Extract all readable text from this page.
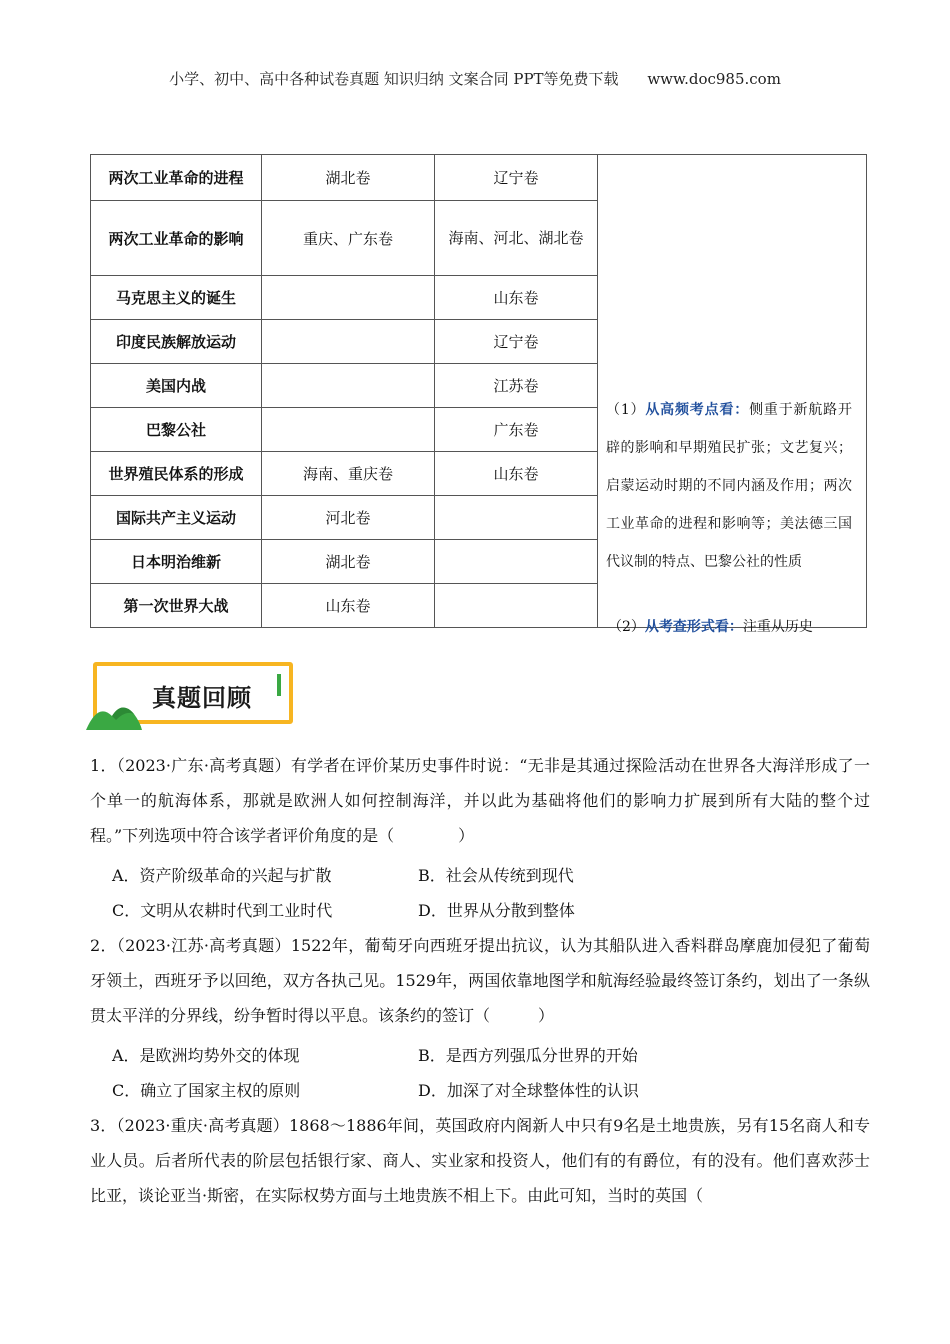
小学、初中、高中各种试卷真题 知识归纳 文案合同 PPT等免费下载 www.doc985.com
两次工业革命的进程	湖北卷	辽宁卷	（1）从高频考点看：侧重于新航路开辟的影响和早期殖民扩张；文艺复兴；启蒙运动时期的不同内涵及作用；两次工业革命的进程和影响等；美法德三国代议制的特点、巴黎公社的性质

两次工业革命的影响	重庆、广东卷	海南、河北、湖北卷	
马克思主义的诞生		山东卷	
印度民族解放运动		辽宁卷	
美国内战		江苏卷	
巴黎公社		广东卷	
世界殖民体系的形成	海南、重庆卷	山东卷	
国际共产主义运动	河北卷		
日本明治维新	湖北卷		
第一次世界大战	山东卷		
（2）从考查形式看：注重从历史
真题回顾
1．（2023·广东·高考真题）有学者在评价某历史事件时说：“无非是其通过探险活动在世界各大海洋形成了一个单一的航海体系，那就是欧洲人如何控制海洋，并以此为基础将他们的影响力扩展到所有大陆的整个过程。”下列选项中符合该学者评价角度的是（　　　　）
A．资产阶级革命的兴起与扩散	B．社会从传统到现代
C．文明从农耕时代到工业时代	D．世界从分散到整体
2．（2023·江苏·高考真题）1522年，葡萄牙向西班牙提出抗议，认为其船队进入香料群岛摩鹿加侵犯了葡萄牙领土，西班牙予以回绝，双方各执己见。1529年，两国依靠地图学和航海经验最终签订条约，划出了一条纵贯太平洋的分界线，纷争暂时得以平息。该条约的签订（　　　）
A．是欧洲均势外交的体现	B．是西方列强瓜分世界的开始
C．确立了国家主权的原则	D．加深了对全球整体性的认识
3．（2023·重庆·高考真题）1868～1886年间，英国政府内阁新人中只有9名是土地贵族，另有15名商人和专业人员。后者所代表的阶层包括银行家、商人、实业家和投资人，他们有的有爵位，有的没有。他们喜欢莎士比亚，谈论亚当·斯密，在实际权势方面与土地贵族不相上下。由此可知，当时的英国（
